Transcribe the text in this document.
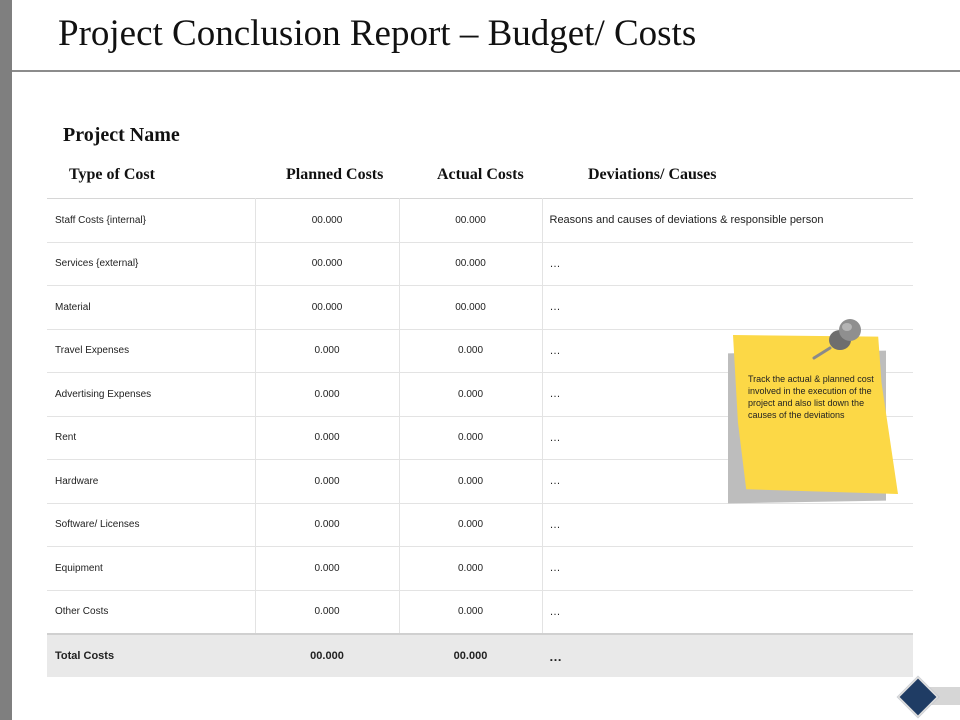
Project Conclusion Report – Budget/ Costs
Project Name
Type of Cost	Planned Costs	Actual Costs	Deviations/ Causes
Staff Costs {internal}	00.000	00.000	Reasons and causes of deviations & responsible person
Services {external}	00.000	00.000	…
Material	00.000	00.000	…
Travel Expenses	0.000	0.000	…
Advertising Expenses	0.000	0.000	…
Rent	0.000	0.000	…
Hardware	0.000	0.000	…
Software/ Licenses	0.000	0.000	…
Equipment	0.000	0.000	…
Other Costs	0.000	0.000	…
Total Costs	00.000	00.000	…
Track the actual & planned cost involved in the execution of the project and also list down the causes of the deviations
